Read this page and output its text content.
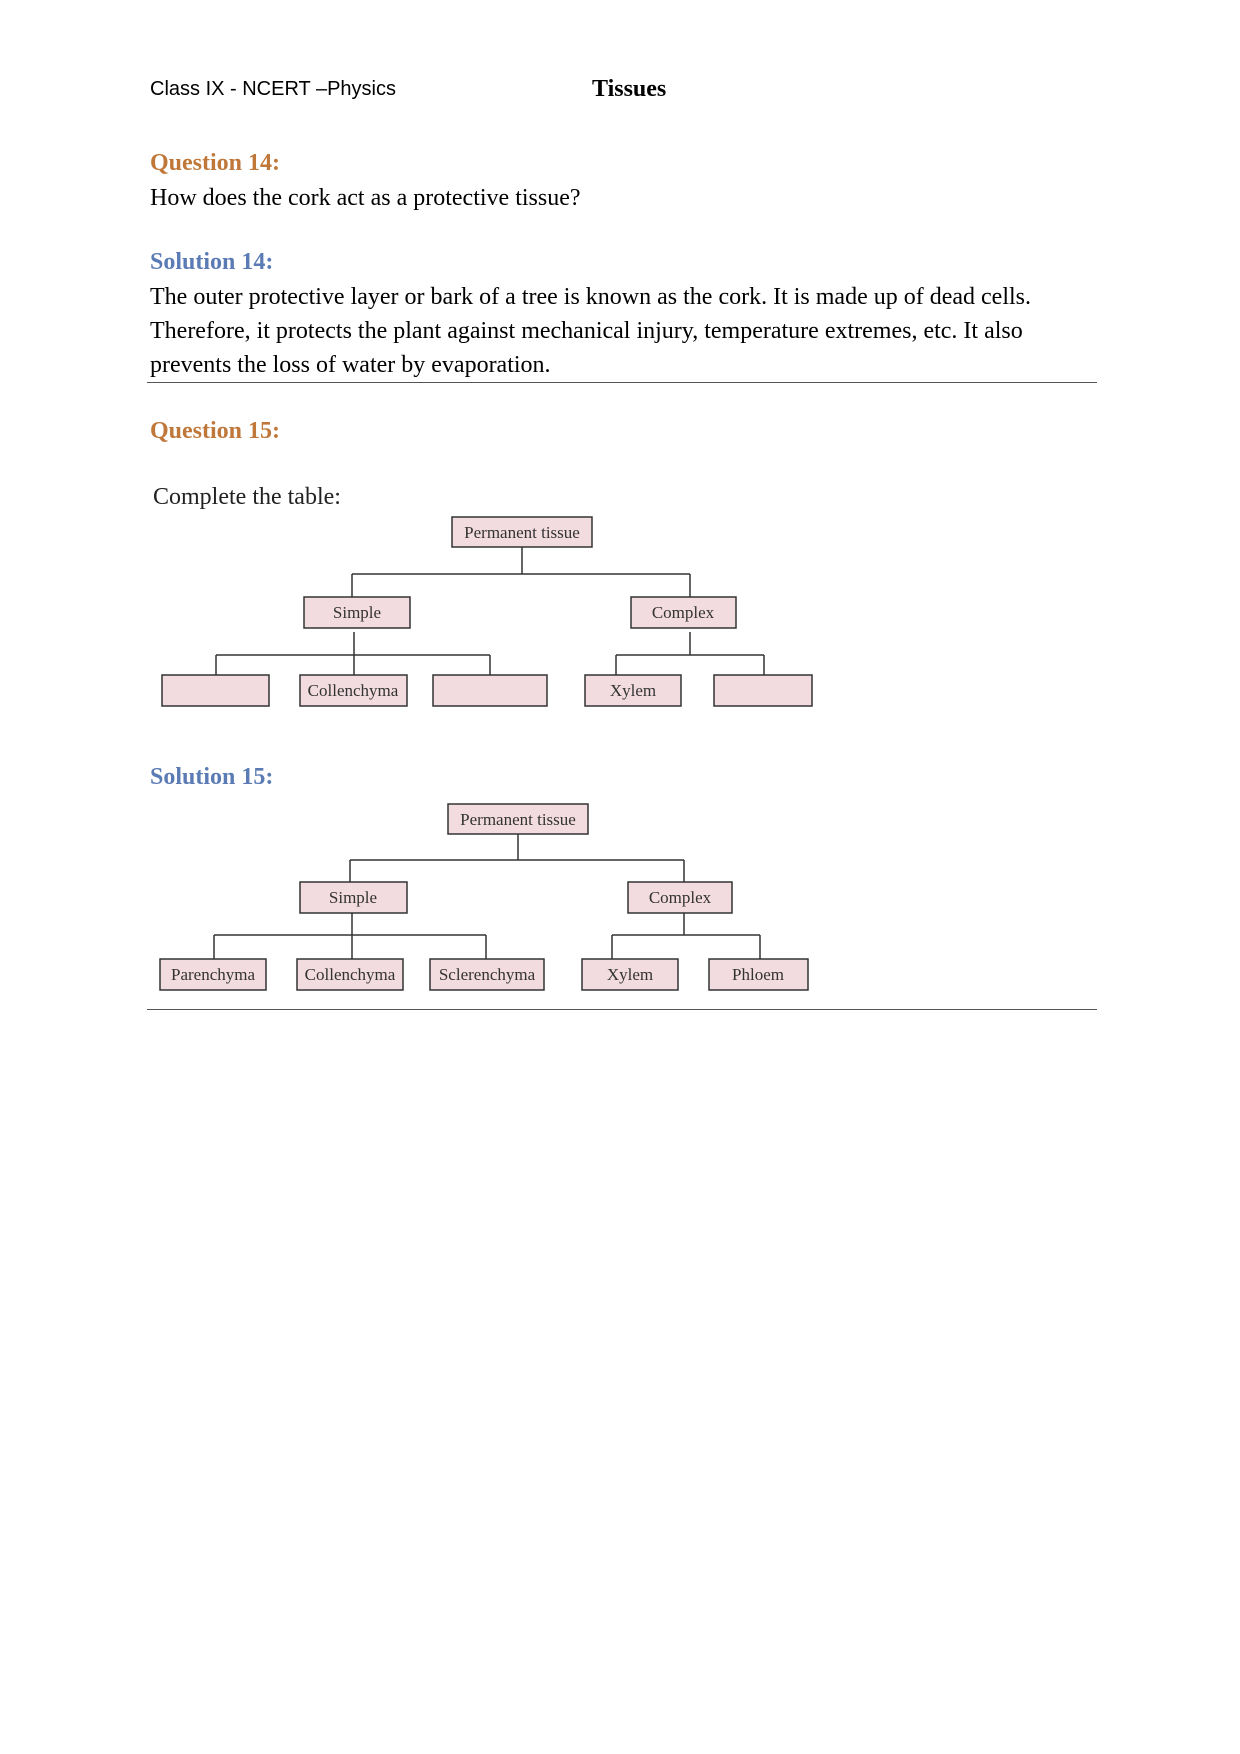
Class IX - NCERT –Physics	Tissues
Question 14:
How does the cork act as a protective tissue?
Solution 14:
The outer protective layer or bark of a tree is known as the cork. It is made up of dead cells.
Therefore, it protects the plant against mechanical injury, temperature extremes, etc. It also
prevents the loss of water by evaporation.
Question 15:
Complete the table:
Permanent tissue
Simple	Complex
Collenchyma	Xylem
Solution 15:
Permanent tissue
Simple	Complex
Parenchyma	Collenchyma	Sclerenchyma	Xylem	Phloem
